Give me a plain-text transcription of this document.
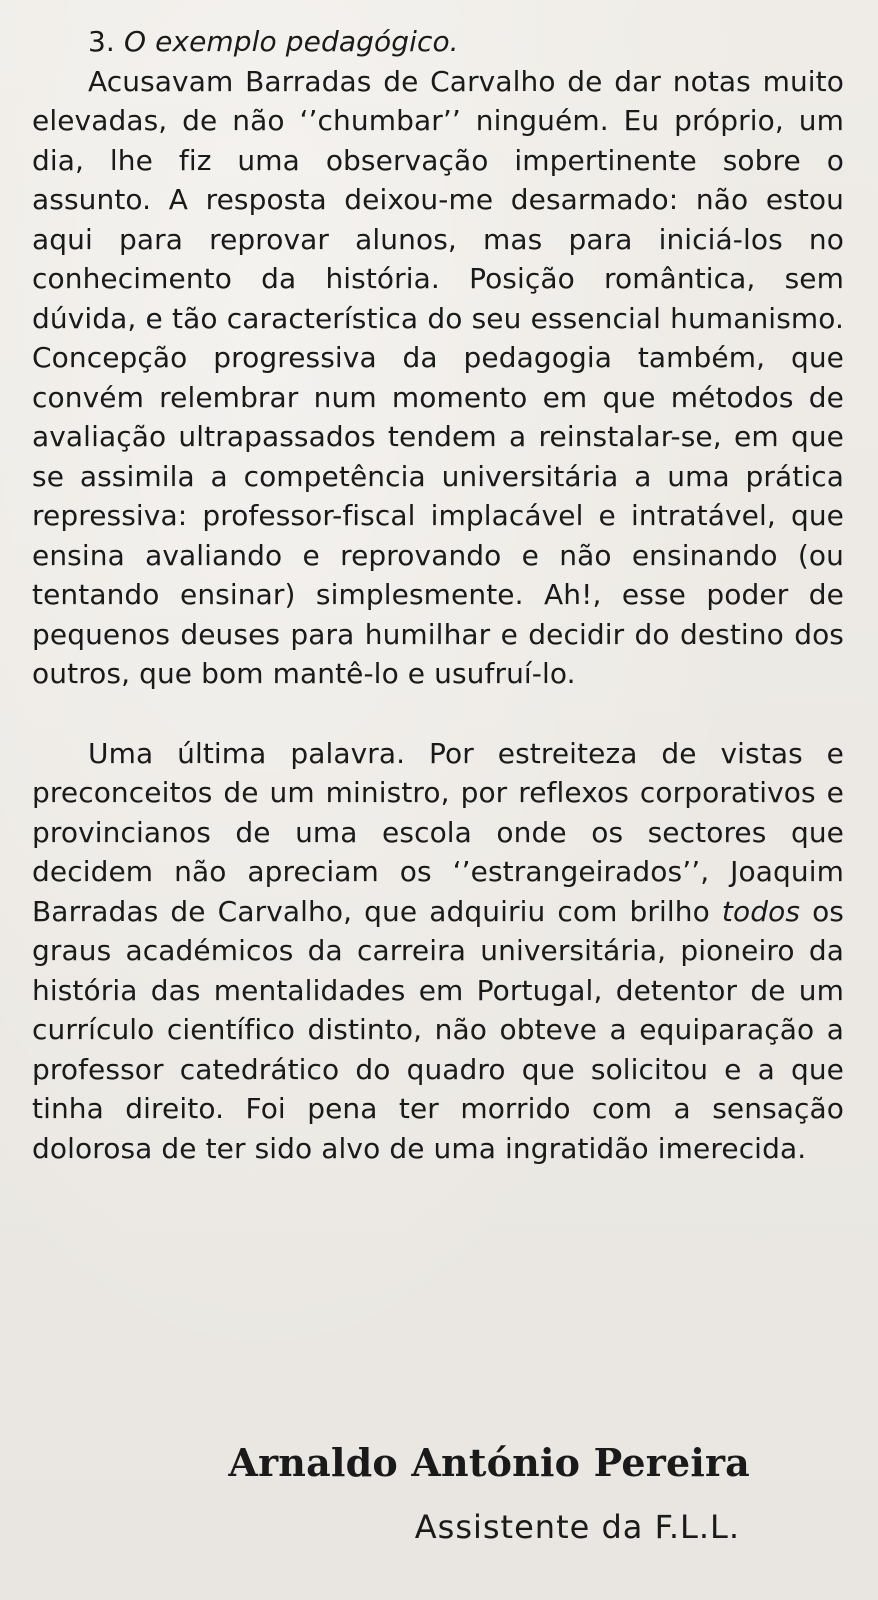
3. O exemplo pedagógico.

Acusavam Barradas de Carvalho de dar notas muito elevadas, de não ‘’chumbar’’ ninguém. Eu próprio, um dia, lhe fiz uma observação impertinente sobre o assunto. A resposta deixou-me desarmado: não estou aqui para reprovar alunos, mas para iniciá-los no conhecimento da história. Posição romântica, sem dúvida, e tão característica do seu essencial humanismo. Concepção progressiva da pedagogia também, que convém relembrar num momento em que métodos de avaliação ultrapassados tendem a reinstalar-se, em que se assimila a competência universitária a uma prática repressiva: professor-fiscal implacável e intratável, que ensina avaliando e reprovando e não ensinando (ou tentando ensinar) simplesmente. Ah!, esse poder de pequenos deuses para humilhar e decidir do destino dos outros, que bom mantê-lo e usufruí-lo.

Uma última palavra. Por estreiteza de vistas e preconceitos de um ministro, por reflexos corporativos e provincianos de uma escola onde os sectores que decidem não apreciam os ‘’estrangeirados’’, Joaquim Barradas de Carvalho, que adquiriu com brilho todos os graus académicos da carreira universitária, pioneiro da história das mentalidades em Portugal, detentor de um currículo científico distinto, não obteve a equiparação a professor catedrático do quadro que solicitou e a que tinha direito. Foi pena ter morrido com a sensação dolorosa de ter sido alvo de uma ingratidão imerecida.

Arnaldo António Pereira
Assistente da F.L.L.
